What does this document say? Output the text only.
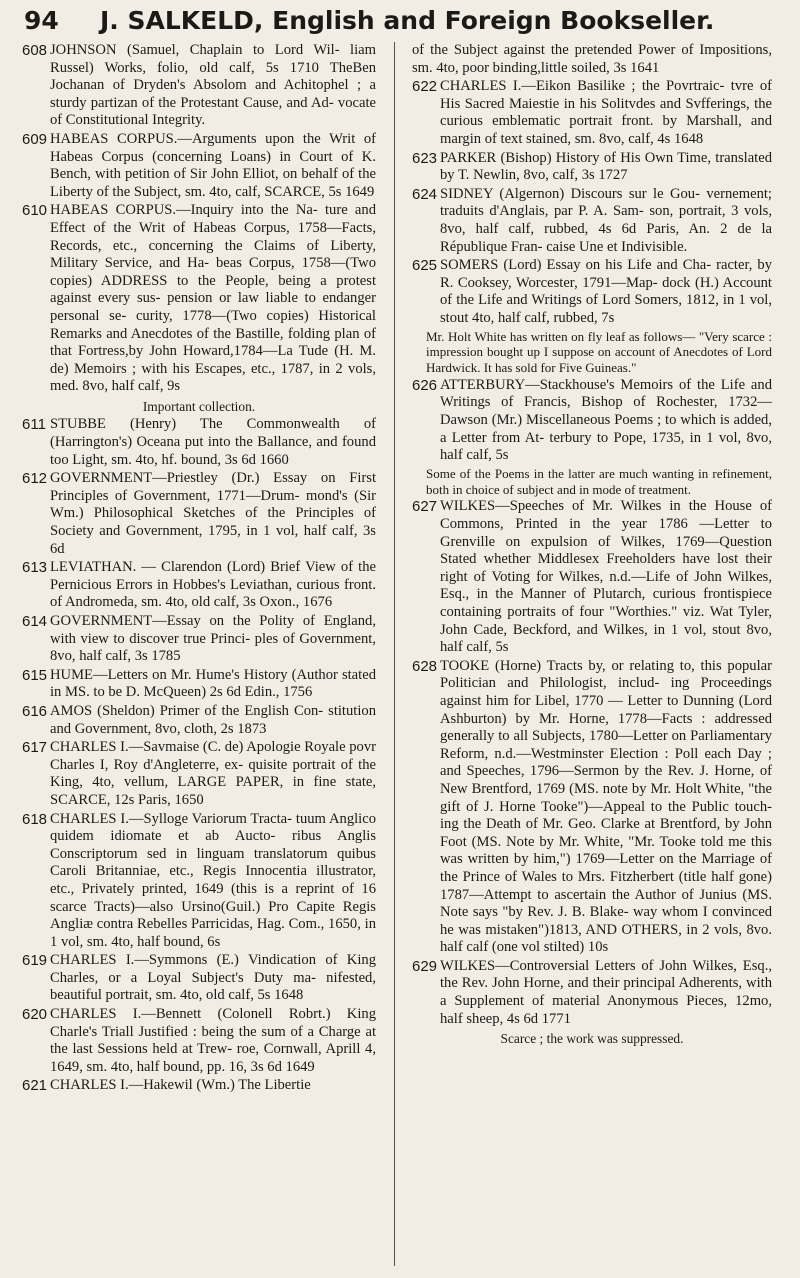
94 J. SALKELD, English and Foreign Bookseller.
608 JOHNSON (Samuel, Chaplain to Lord Wil- liam Russel) Works, folio, old calf, 5s 1710 TheBen Jochanan of Dryden's Absolom and Achitophel ; a sturdy partizan of the Protestant Cause, and Ad- vocate of Constitutional Integrity.
609 HABEAS CORPUS.—Arguments upon the Writ of Habeas Corpus (concerning Loans) in Court of K. Bench, with petition of Sir John Elliot, on behalf of the Liberty of the Subject, sm. 4to, calf, SCARCE, 5s 1649
610 HABEAS CORPUS.—Inquiry into the Na- ture and Effect of the Writ of Habeas Corpus, 1758—Facts, Records, etc., concerning the Claims of Liberty, Military Service, and Ha- beas Corpus, 1758—(Two copies) ADDRESS to the People, being a protest against every sus- pension or law liable to endanger personal se- curity, 1778—(Two copies) Historical Remarks and Anecdotes of the Bastille, folding plan of that Fortress,by John Howard,1784—La Tude (H. M. de) Memoirs ; with his Escapes, etc., 1787, in 2 vols, med. 8vo, half calf, 9s
Important collection.
611 STUBBE (Henry) The Commonwealth of (Harrington's) Oceana put into the Ballance, and found too Light, sm. 4to, hf. bound, 3s 6d 1660
612 GOVERNMENT—Priestley (Dr.) Essay on First Principles of Government, 1771—Drum- mond's (Sir Wm.) Philosophical Sketches of the Principles of Society and Government, 1795, in 1 vol, half calf, 3s 6d
613 LEVIATHAN. — Clarendon (Lord) Brief View of the Pernicious Errors in Hobbes's Leviathan, curious front. of Andromeda, sm. 4to, old calf, 3s Oxon., 1676
614 GOVERNMENT—Essay on the Polity of England, with view to discover true Princi- ples of Government, 8vo, half calf, 3s 1785
615 HUME—Letters on Mr. Hume's History (Author stated in MS. to be D. McQueen) 2s 6d Edin., 1756
616 AMOS (Sheldon) Primer of the English Con- stitution and Government, 8vo, cloth, 2s 1873
617 CHARLES I.—Savmaise (C. de) Apologie Royale povr Charles I, Roy d'Angleterre, ex- quisite portrait of the King, 4to, vellum, LARGE PAPER, in fine state, SCARCE, 12s Paris, 1650
618 CHARLES I.—Sylloge Variorum Tracta- tuum Anglico quidem idiomate et ab Aucto- ribus Anglis Conscriptorum sed in linguam translatorum quibus Caroli Britanniae, etc., Regis Innocentia illustrator, etc., Privately printed, 1649 (this is a reprint of 16 scarce Tracts)—also Ursino(Guil.) Pro Capite Regis Angliæ contra Rebelles Parricidas, Hag. Com., 1650, in 1 vol, sm. 4to, half bound, 6s
619 CHARLES I.—Symmons (E.) Vindication of King Charles, or a Loyal Subject's Duty ma- nifested, beautiful portrait, sm. 4to, old calf, 5s 1648
620 CHARLES I.—Bennett (Colonell Robrt.) King Charle's Triall Justified : being the sum of a Charge at the last Sessions held at Trew- roe, Cornwall, Aprill 4, 1649, sm. 4to, half bound, pp. 16, 3s 6d 1649
621 CHARLES I.—Hakewil (Wm.) The Libertie
of the Subject against the pretended Power of Impositions, sm. 4to, poor binding,little soiled, 3s 1641
622 CHARLES I.—Eikon Basilike ; the Povrtraic- tvre of His Sacred Maiestie in his Solitvdes and Svfferings, the curious emblematic portrait front. by Marshall, and margin of text stained, sm. 8vo, calf, 4s 1648
623 PARKER (Bishop) History of His Own Time, translated by T. Newlin, 8vo, calf, 3s 1727
624 SIDNEY (Algernon) Discours sur le Gou- vernement; traduits d'Anglais, par P. A. Sam- son, portrait, 3 vols, 8vo, half calf, rubbed, 4s 6d Paris, An. 2 de la République Fran- caise Une et Indivisible.
625 SOMERS (Lord) Essay on his Life and Cha- racter, by R. Cooksey, Worcester, 1791—Map- dock (H.) Account of the Life and Writings of Lord Somers, 1812, in 1 vol, stout 4to, half calf, rubbed, 7s
Mr. Holt White has written on fly leaf as follows— "Very scarce : impression bought up I suppose on account of Anecdotes of Lord Hardwick. It has sold for Five Guineas."
626 ATTERBURY—Stackhouse's Memoirs of the Life and Writings of Francis, Bishop of Rochester, 1732—Dawson (Mr.) Miscellaneous Poems ; to which is added, a Letter from At- terbury to Pope, 1735, in 1 vol, 8vo, half calf, 5s
Some of the Poems in the latter are much wanting in refinement, both in choice of subject and in mode of treatment.
627 WILKES—Speeches of Mr. Wilkes in the House of Commons, Printed in the year 1786 —Letter to Grenville on expulsion of Wilkes, 1769—Question Stated whether Middlesex Freeholders have lost their right of Voting for Wilkes, n.d.—Life of John Wilkes, Esq., in the Manner of Plutarch, curious frontispiece containing portraits of four "Worthies." viz. Wat Tyler, John Cade, Beckford, and Wilkes, in 1 vol, stout 8vo, half calf, 5s
628 TOOKE (Horne) Tracts by, or relating to, this popular Politician and Philologist, includ- ing Proceedings against him for Libel, 1770 — Letter to Dunning (Lord Ashburton) by Mr. Horne, 1778—Facts : addressed generally to all Subjects, 1780—Letter on Parliamentary Reform, n.d.—Westminster Election : Poll each Day ; and Speeches, 1796—Sermon by the Rev. J. Horne, of New Brentford, 1769 (MS. note by Mr. Holt White, "the gift of J. Horne Tooke")—Appeal to the Public touch- ing the Death of Mr. Geo. Clarke at Brentford, by John Foot (MS. Note by Mr. White, "Mr. Tooke told me this was written by him,") 1769—Letter on the Marriage of the Prince of Wales to Mrs. Fitzherbert (title half gone) 1787—Attempt to ascertain the Author of Junius (MS. Note says "by Rev. J. B. Blake- way whom I convinced he was mistaken")1813, AND OTHERS, in 2 vols, 8vo. half calf (one vol stilted) 10s
629 WILKES—Controversial Letters of John Wilkes, Esq., the Rev. John Horne, and their principal Adherents, with a Supplement of material Anonymous Pieces, 12mo, half sheep, 4s 6d 1771
Scarce ; the work was suppressed.
